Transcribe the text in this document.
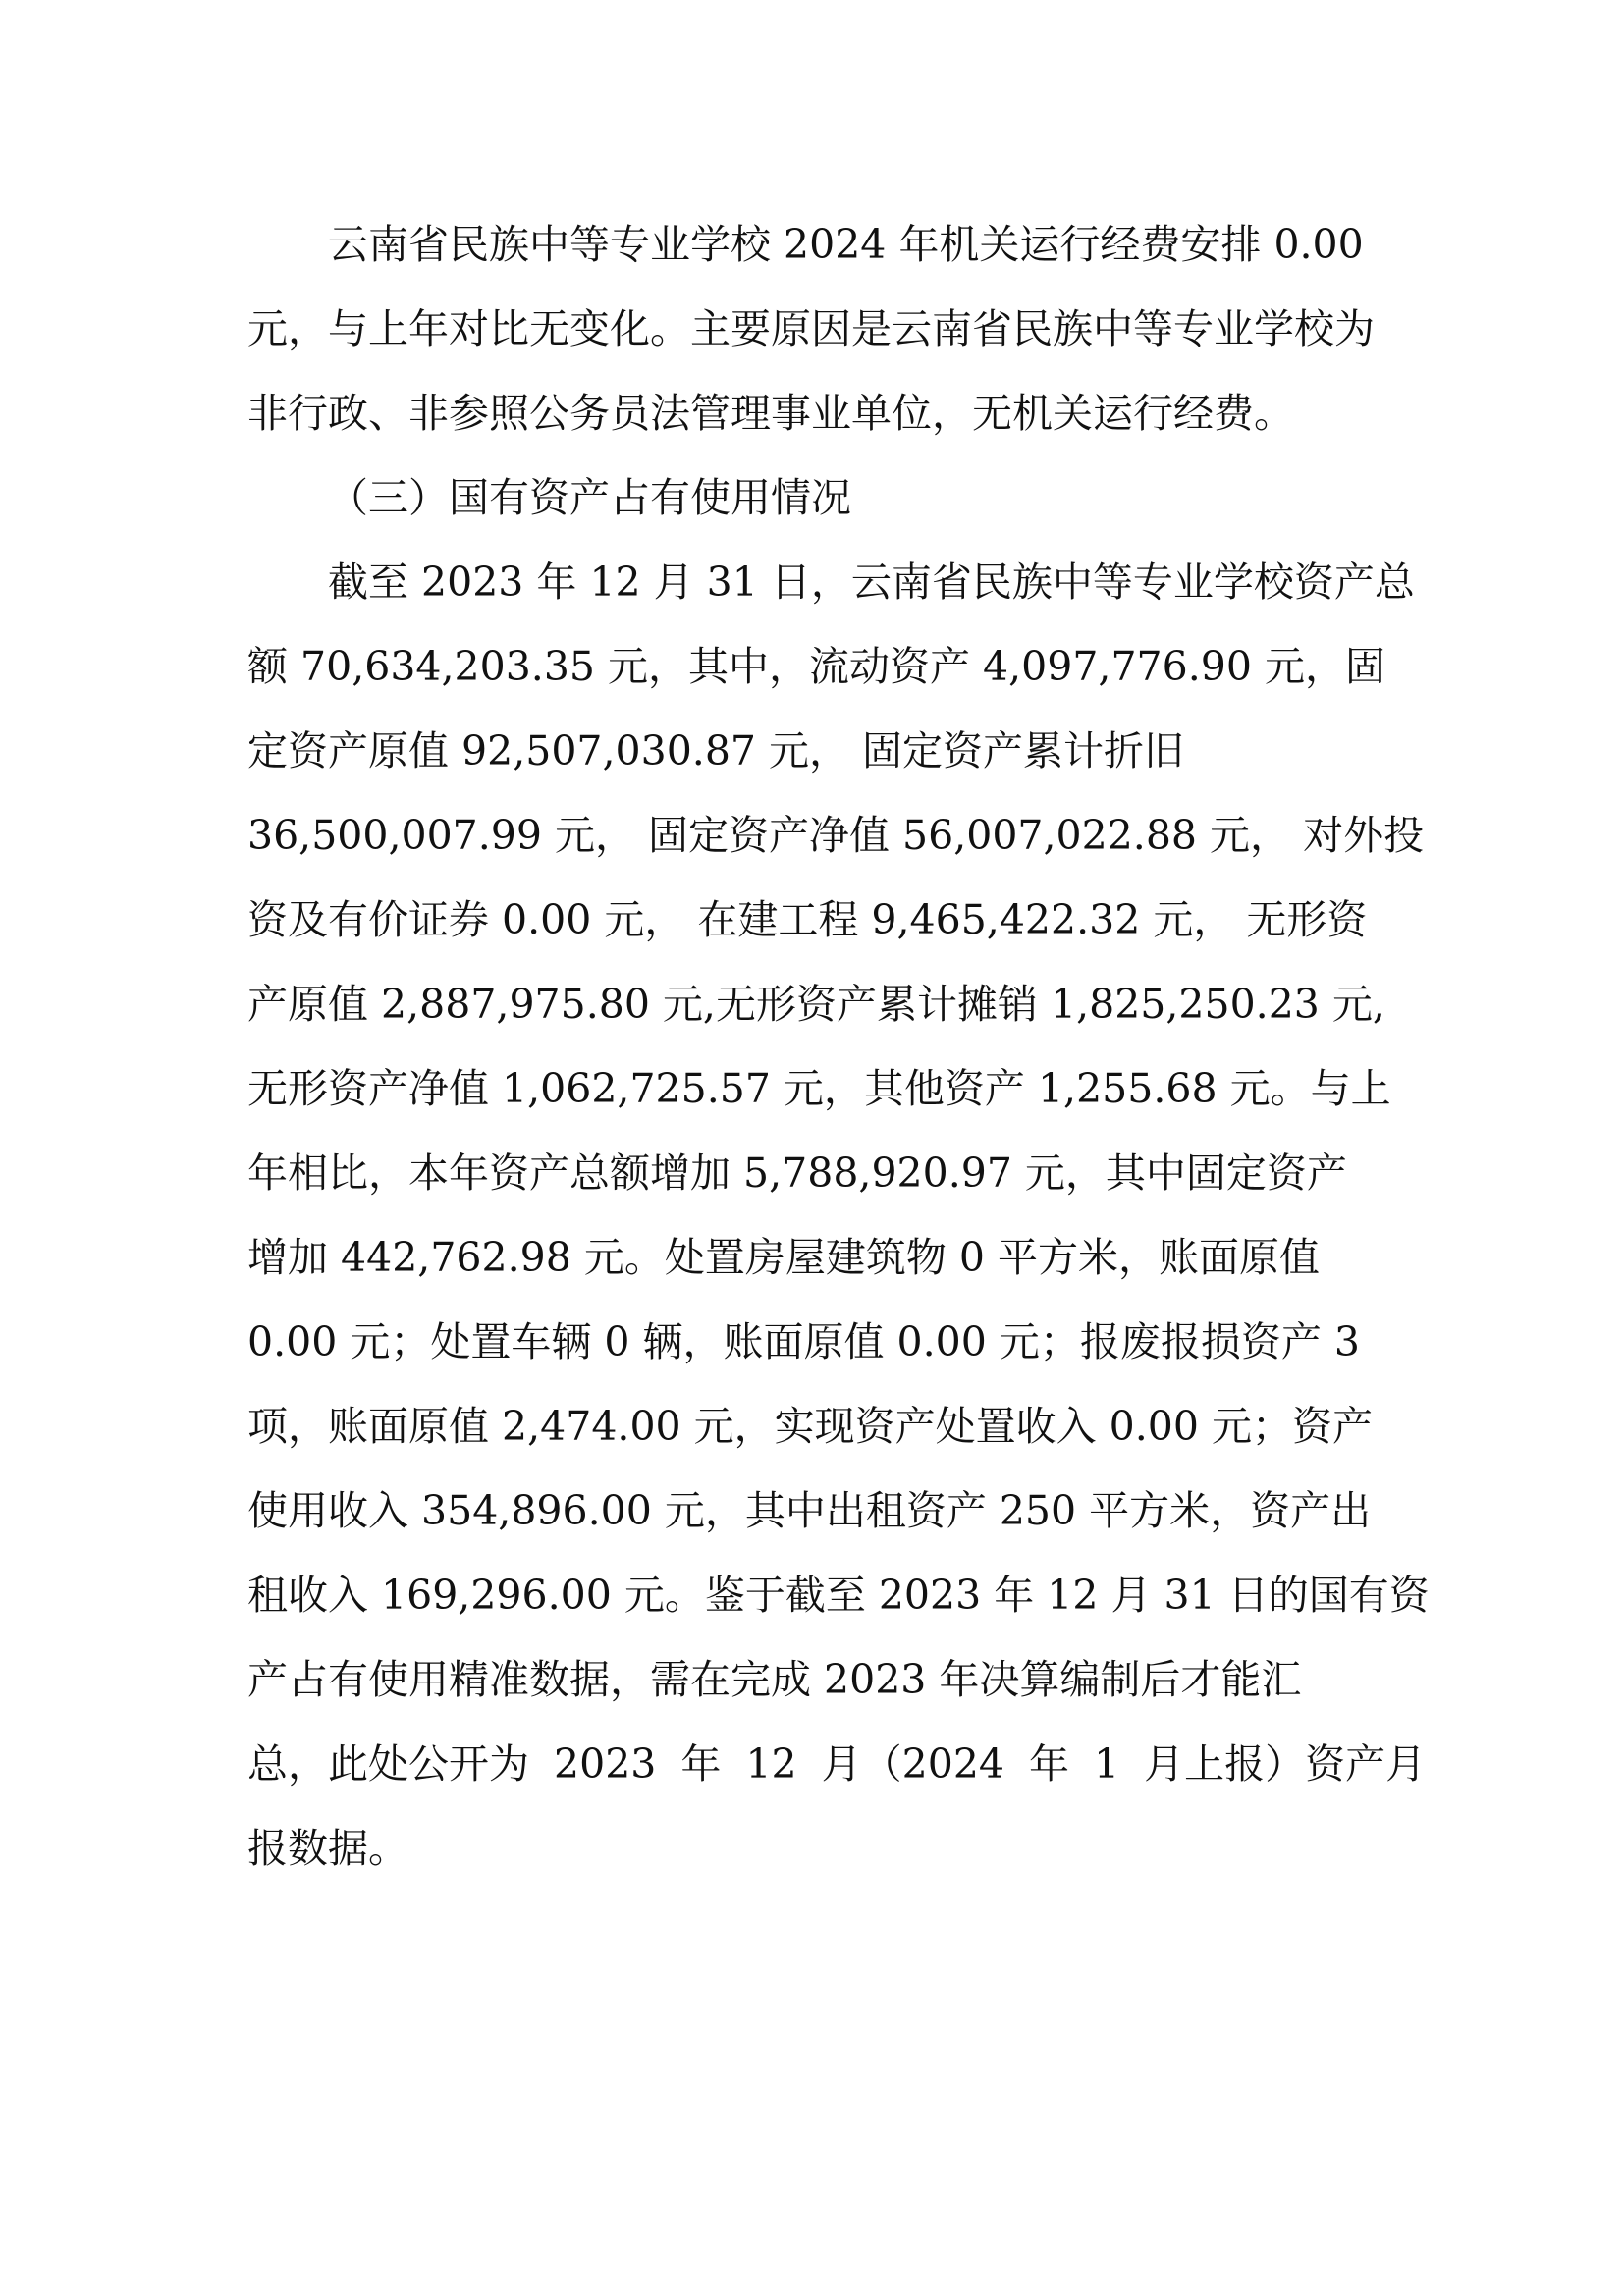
云南省民族中等专业学校 2024 年机关运行经费安排 0.00
元，与上年对比无变化。主要原因是云南省民族中等专业学校为
非行政、非参照公务员法管理事业单位，无机关运行经费。
（三）国有资产占有使用情况
截至 2023 年 12 月 31 日，云南省民族中等专业学校资产总
额 70,634,203.35 元，其中，流动资产 4,097,776.90 元，固
定资产原值 92,507,030.87 元， 固定资产累计折旧
36,500,007.99 元， 固定资产净值 56,007,022.88 元， 对外投
资及有价证券 0.00 元， 在建工程 9,465,422.32 元， 无形资
产原值 2,887,975.80 元,无形资产累计摊销 1,825,250.23 元,
无形资产净值 1,062,725.57 元，其他资产 1,255.68 元。与上
年相比，本年资产总额增加 5,788,920.97 元，其中固定资产
增加 442,762.98 元。处置房屋建筑物 0 平方米，账面原值
0.00 元；处置车辆 0 辆，账面原值 0.00 元；报废报损资产 3
项，账面原值 2,474.00 元，实现资产处置收入 0.00 元；资产
使用收入 354,896.00 元，其中出租资产 250 平方米，资产出
租收入 169,296.00 元。鉴于截至 2023 年 12 月 31 日的国有资
产占有使用精准数据，需在完成 2023 年决算编制后才能汇
总，此处公开为 2023 年 12 月（2024 年 1 月上报）资产月
报数据。
